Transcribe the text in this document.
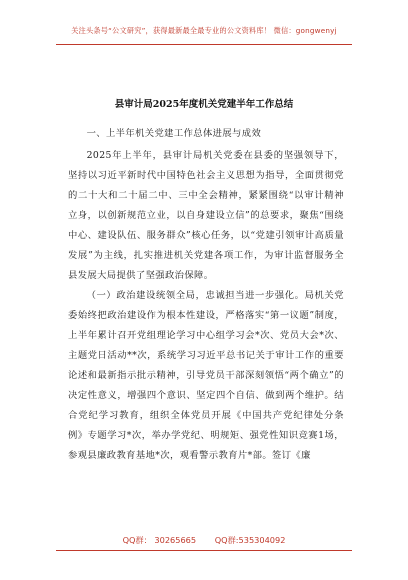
关注头条号“公文研究”，获得最新最全最专业的公文资料库！ 微信：gongwenyj
县审计局2025年度机关党建半年工作总结

一、上半年机关党建工作总体进展与成效

2025年上半年，县审计局机关党委在县委的坚强领导下，坚持以习近平新时代中国特色社会主义思想为指导，全面贯彻党的二十大和二十届二中、三中全会精神，紧紧围绕“以审计精神立身，以创新规范立业，以自身建设立信”的总要求，聚焦“围绕中心、建设队伍、服务群众”核心任务，以“党建引领审计高质量发展”为主线，扎实推进机关党建各项工作，为审计监督服务全县发展大局提供了坚强政治保障。

（一）政治建设统领全局，忠诚担当进一步强化。局机关党委始终把政治建设作为根本性建设，严格落实“第一议题”制度，上半年累计召开党组理论学习中心组学习会*次、党员大会*次、主题党日活动**次，系统学习习近平总书记关于审计工作的重要论述和最新指示批示精神，引导党员干部深刻领悟“两个确立”的决定性意义，增强四个意识、坚定四个自信、做到两个维护。结合党纪学习教育，组织全体党员开展《中国共产党纪律处分条例》专题学习*次，举办学党纪、明规矩、强党性知识竞赛1场，参观县廉政教育基地*次，观看警示教育片*部。签订《廉

QQ群： 30265665 QQ群:535304092
